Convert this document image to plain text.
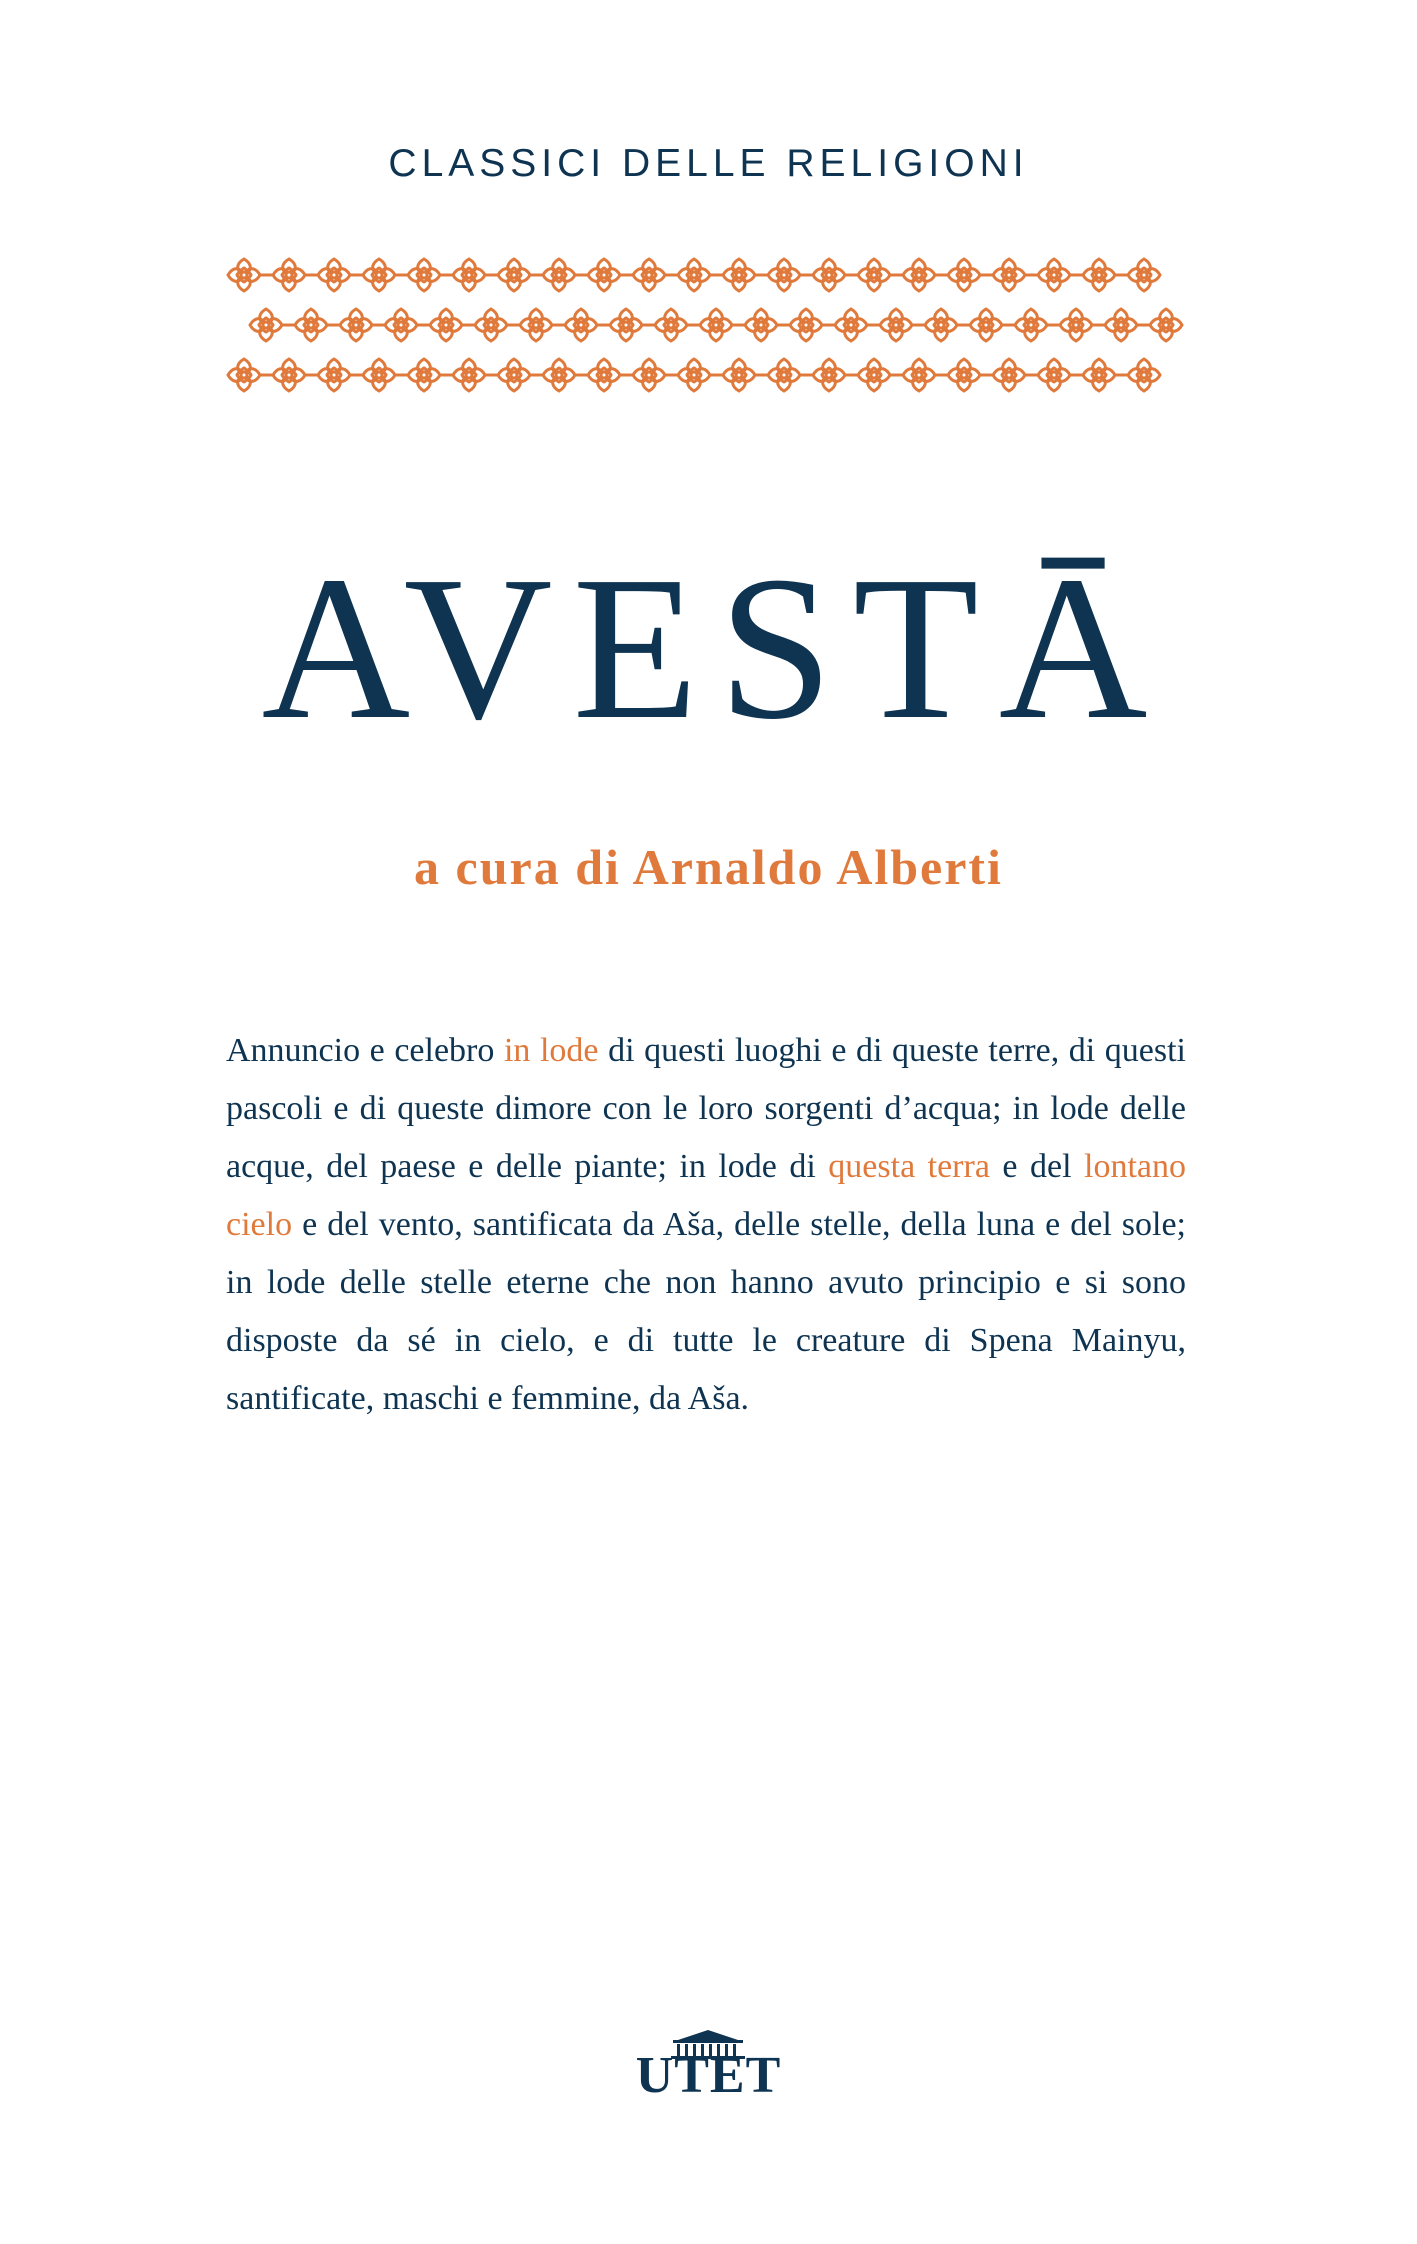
CLASSICI DELLE RELIGIONI
AVESTĀ
a cura di Arnaldo Alberti

Annuncio e celebro in lode di questi luoghi e di queste terre, di questi pascoli e di queste dimore con le loro sorgenti d’acqua; in lode delle acque, del paese e delle piante; in lode di questa terra e del lontano cielo e del vento, santificata da Aša, delle stelle, della luna e del sole; in lode delle stelle eterne che non hanno avuto principio e si sono disposte da sé in cielo, e di tutte le creature di Spena Mainyu, santificate, maschi e femmine, da Aša.

UTET
